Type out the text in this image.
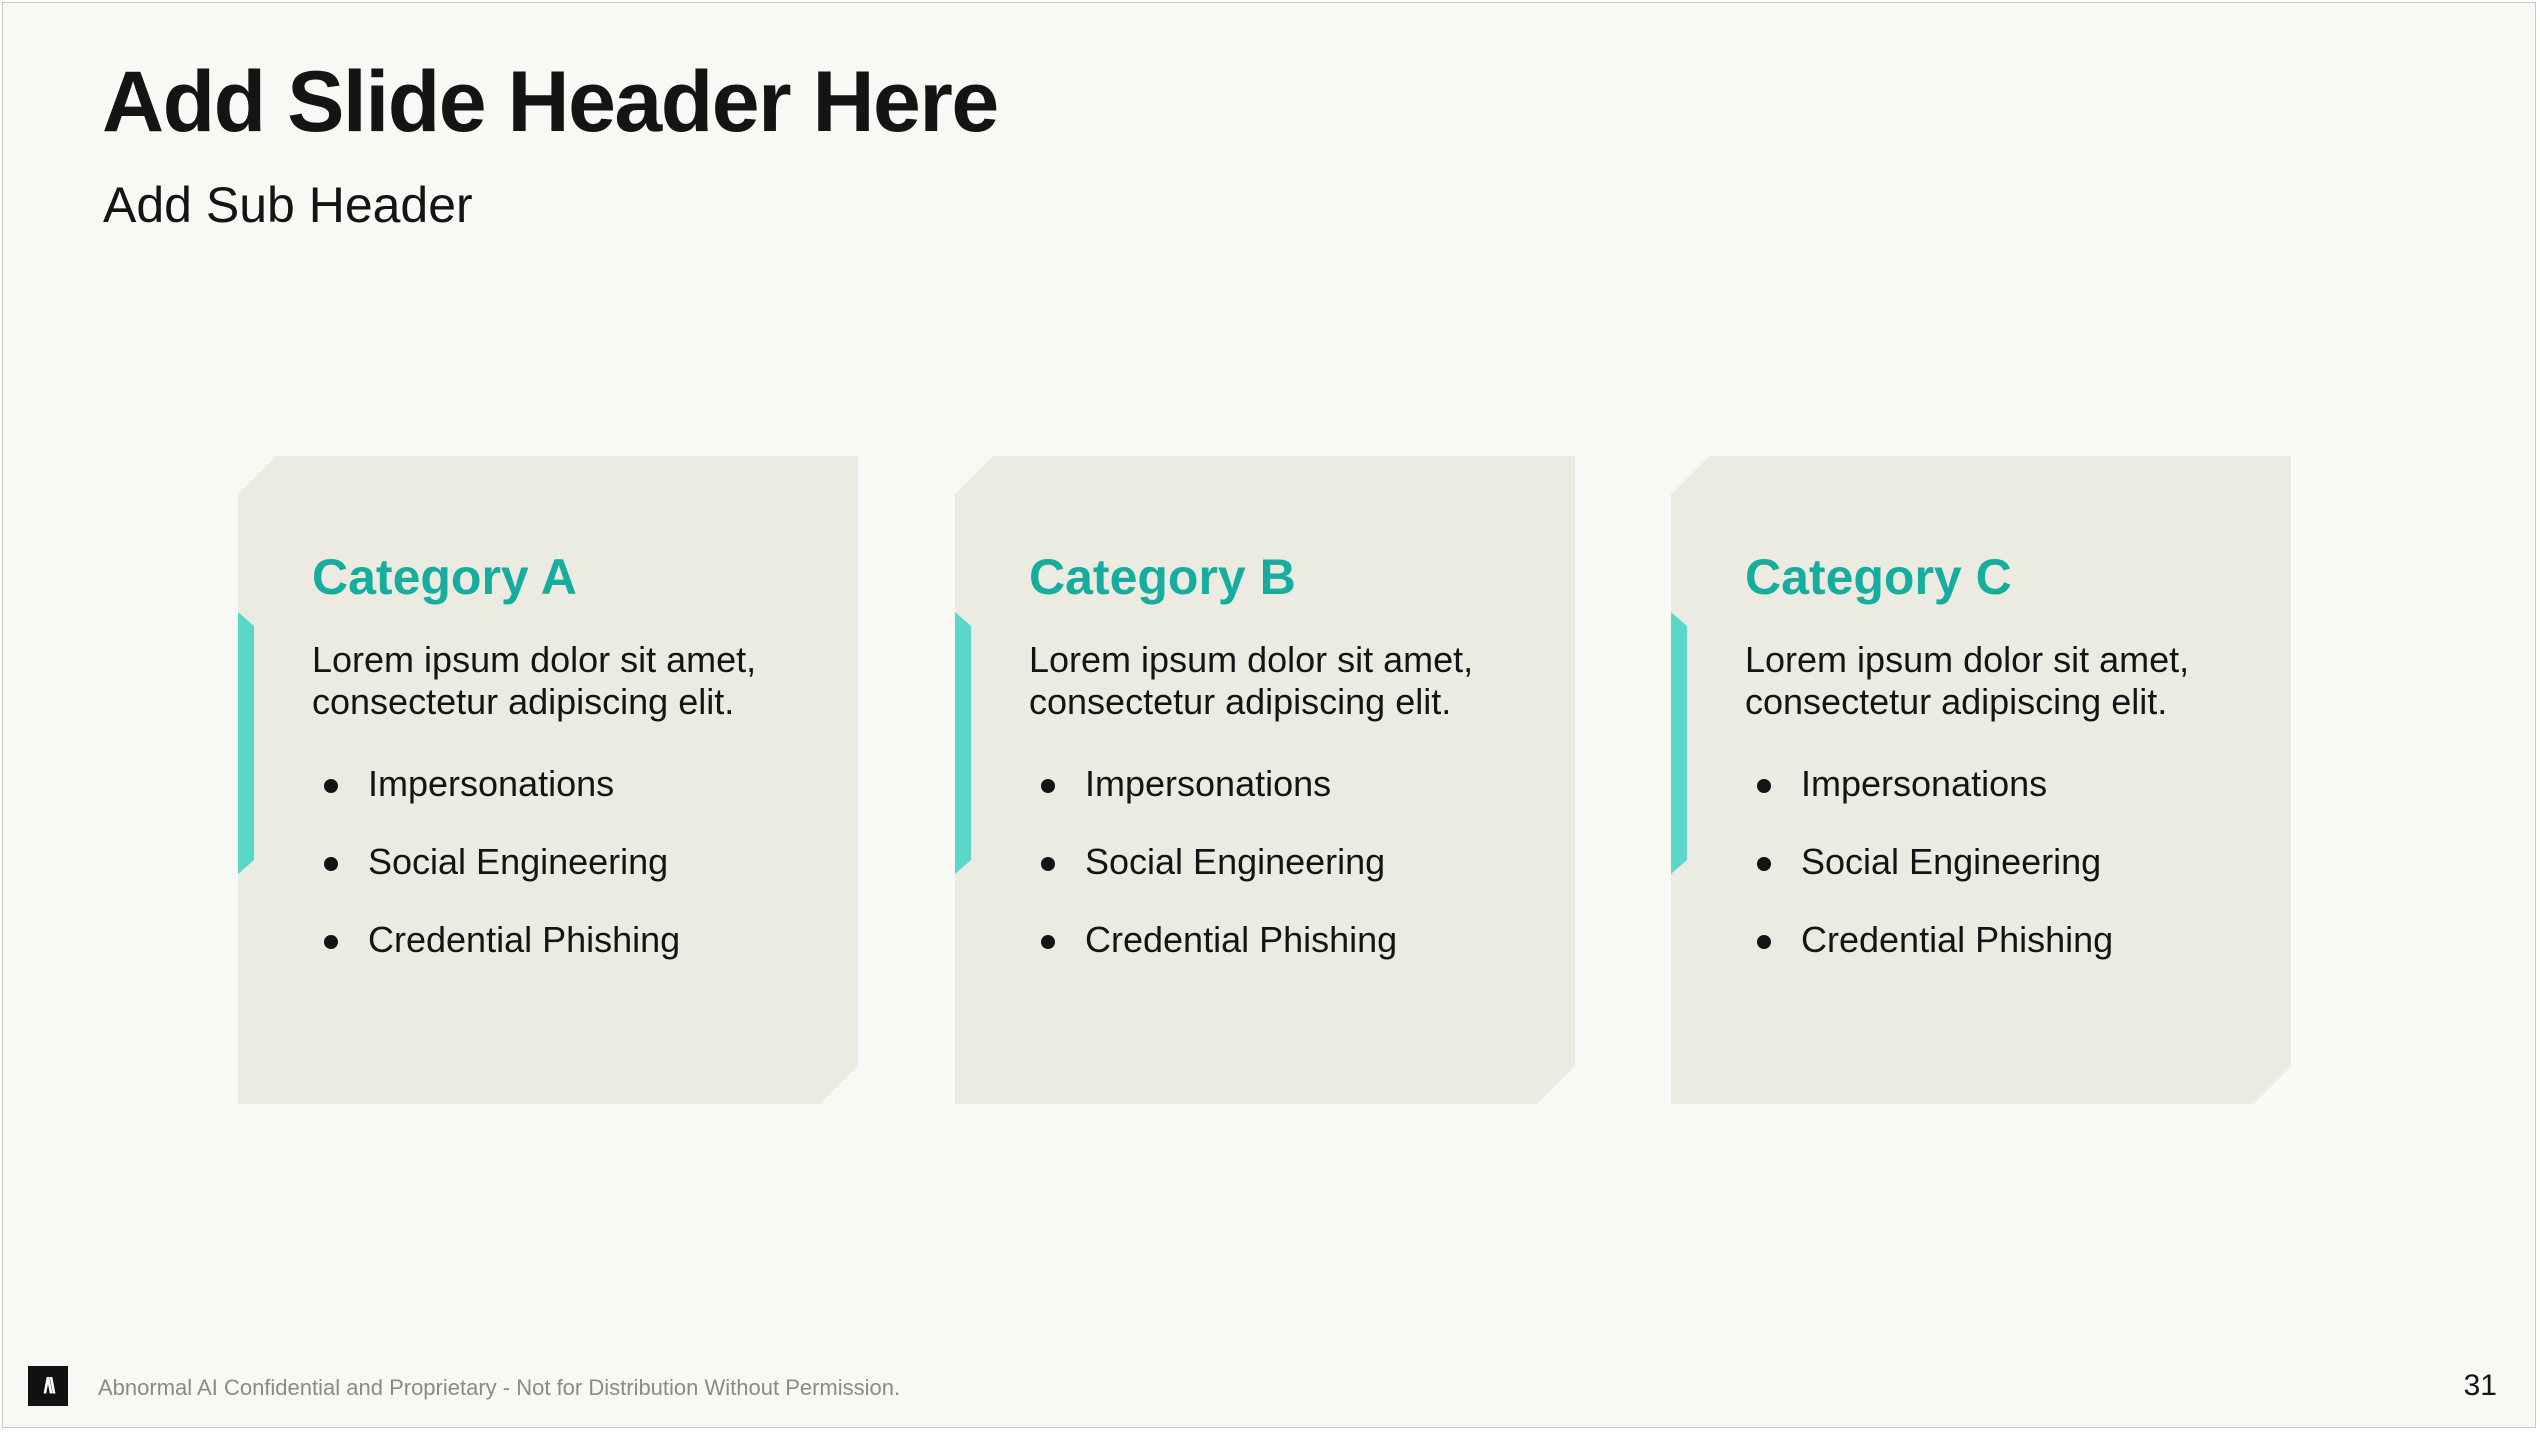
Add Slide Header Here
Add Sub Header
Category A

Lorem ipsum dolor sit amet, consectetur adipiscing elit.

Impersonations
Social Engineering
Credential Phishing
Category B

Lorem ipsum dolor sit amet, consectetur adipiscing elit.

Impersonations
Social Engineering
Credential Phishing
Category C

Lorem ipsum dolor sit amet, consectetur adipiscing elit.

Impersonations
Social Engineering
Credential Phishing
/\\ Abnormal AI Confidential and Proprietary - Not for Distribution Without Permission.	31
